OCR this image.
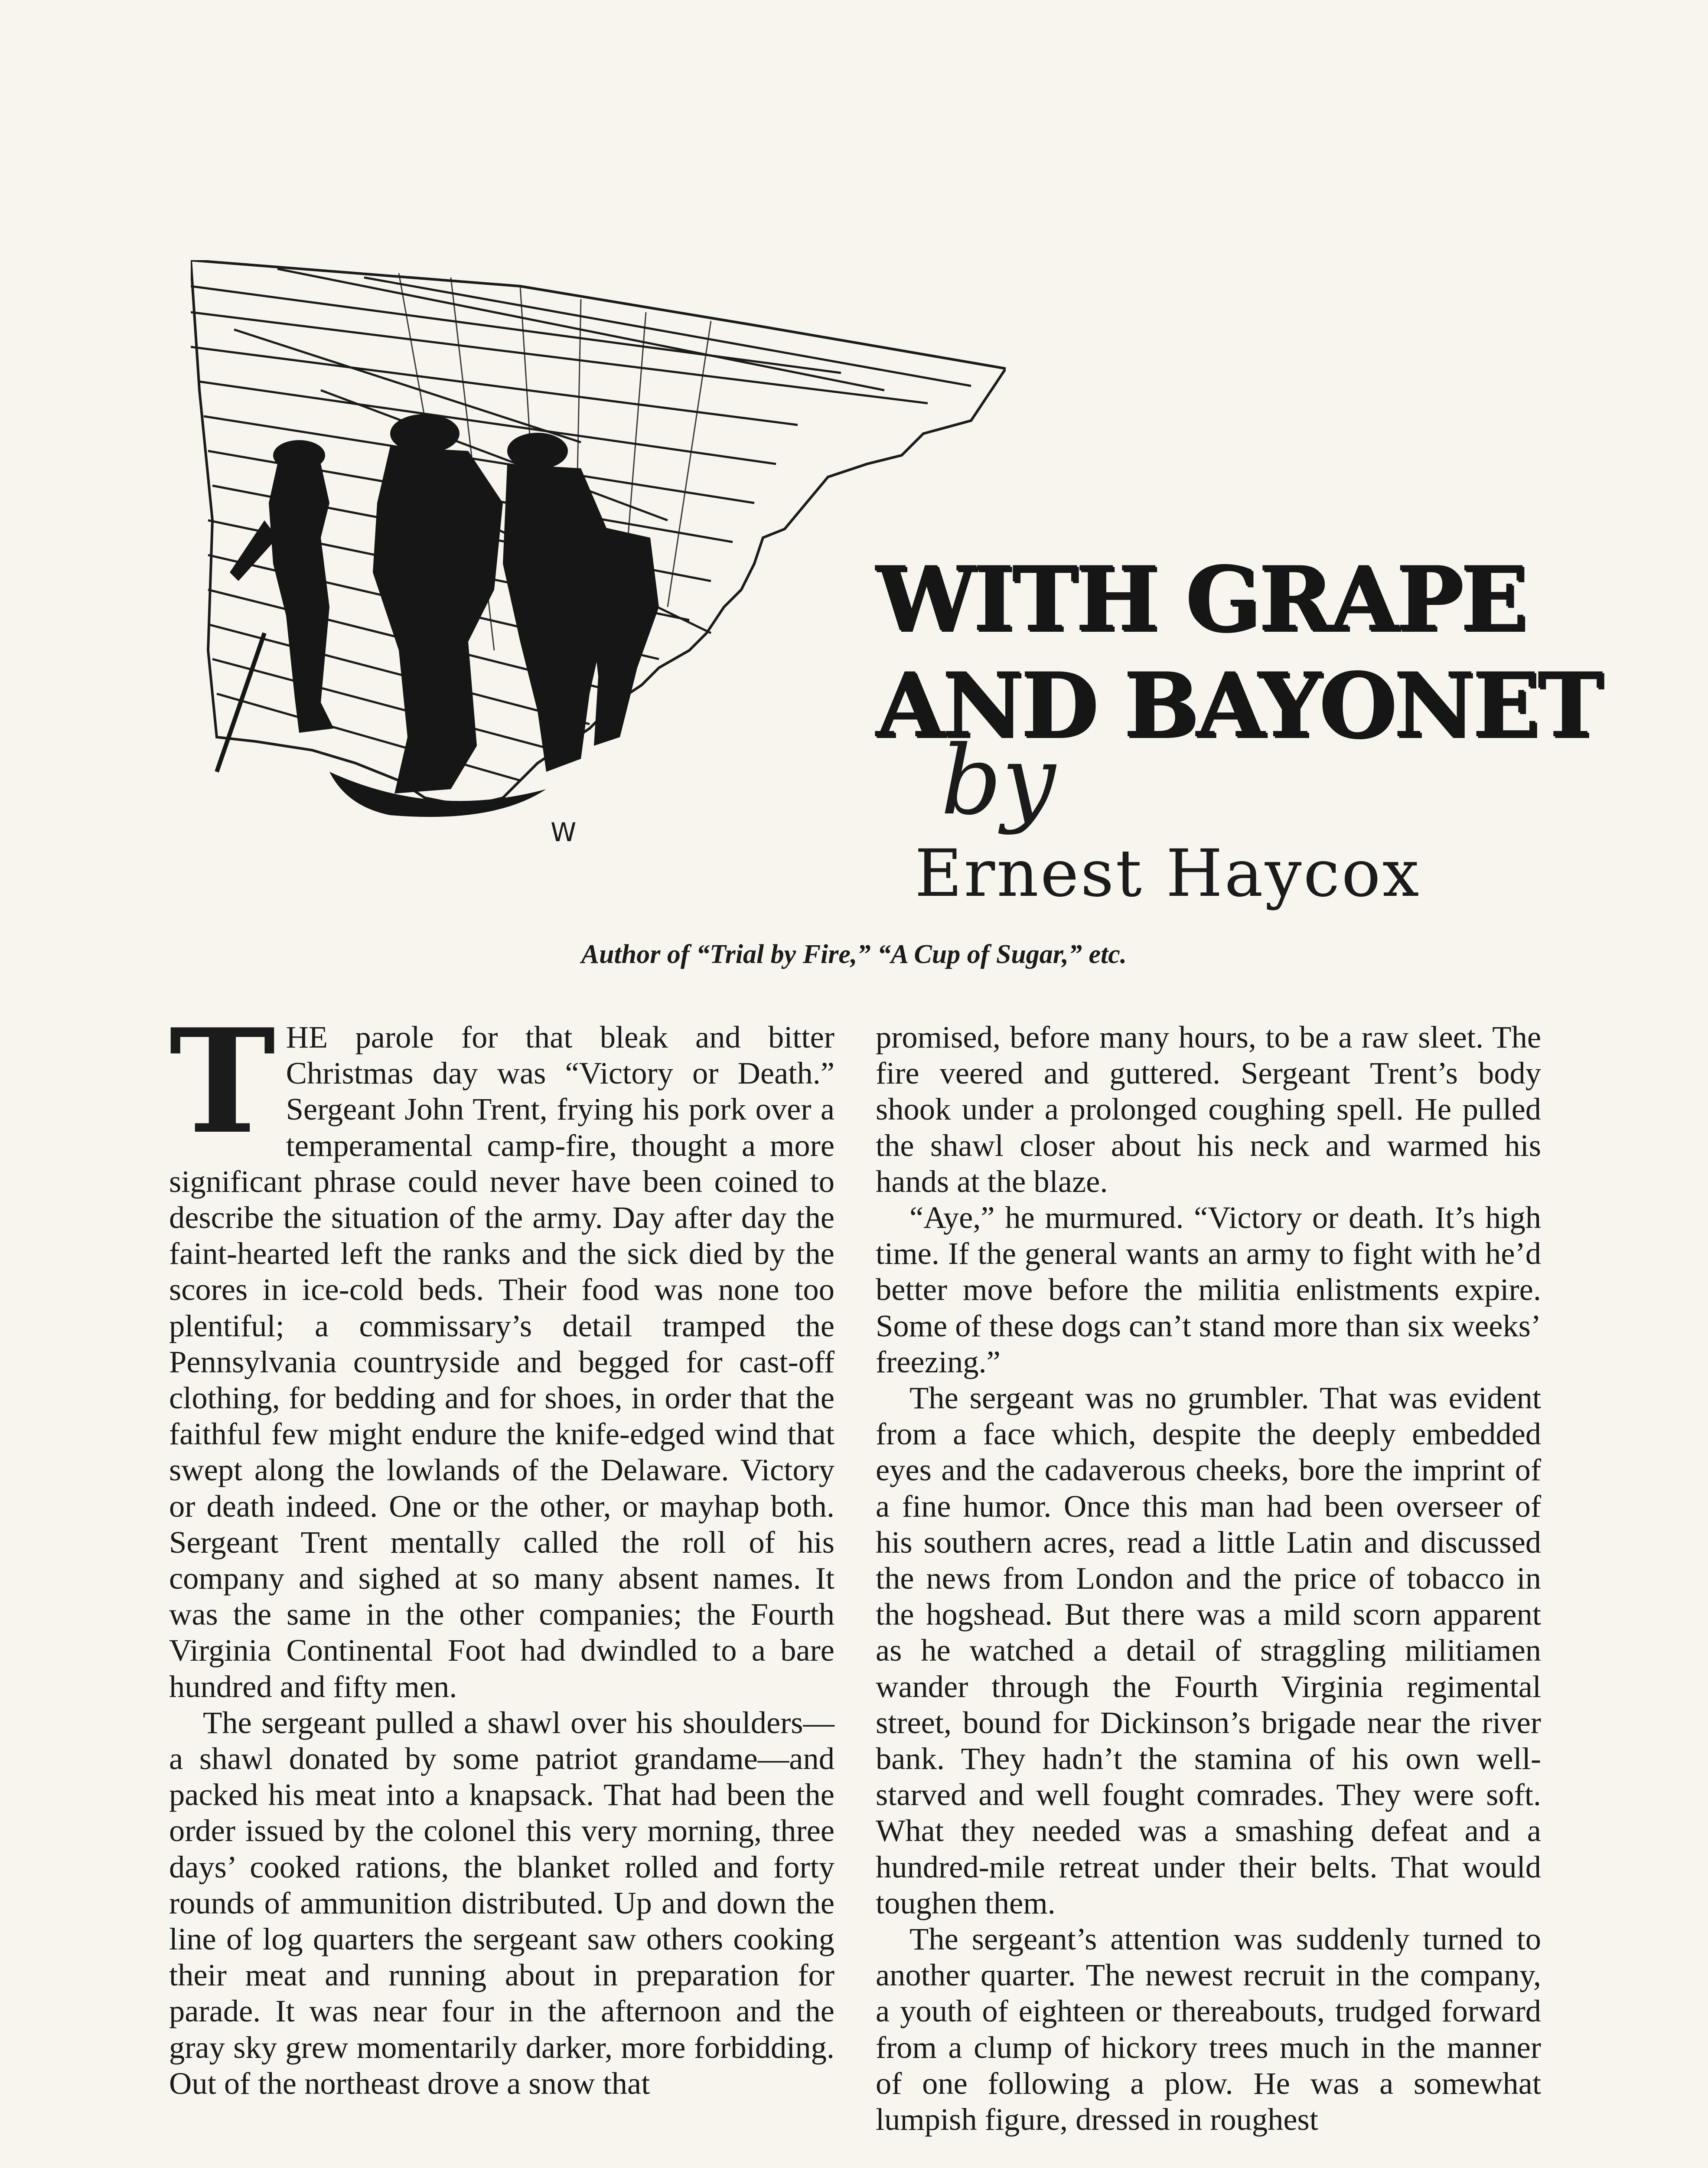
W
WITH GRAPE
AND BAYONET
by
Ernest Haycox
Author of “Trial by Fire,” “A Cup of Sugar,” etc.

THE parole for that bleak and bitter Christmas day was “Victory or Death.” Sergeant John Trent, frying his pork over a temperamental camp-fire, thought a more significant phrase could never have been coined to describe the situation of the army. Day after day the faint-hearted left the ranks and the sick died by the scores in ice-cold beds. Their food was none too plentiful; a commissary’s detail tramped the Pennsylvania countryside and begged for cast-off clothing, for bedding and for shoes, in order that the faithful few might endure the knife-edged wind that swept along the lowlands of the Delaware. Victory or death indeed. One or the other, or mayhap both. Sergeant Trent mentally called the roll of his company and sighed at so many absent names. It was the same in the other companies; the Fourth Virginia Continental Foot had dwindled to a bare hundred and fifty men.

The sergeant pulled a shawl over his shoulders—a shawl donated by some patriot grandame—and packed his meat into a knapsack. That had been the order issued by the colonel this very morning, three days’ cooked rations, the blanket rolled and forty rounds of ammunition distributed. Up and down the line of log quarters the sergeant saw others cooking their meat and running about in preparation for parade. It was near four in the afternoon and the gray sky grew momentarily darker, more forbidding. Out of the northeast drove a snow that

promised, before many hours, to be a raw sleet. The fire veered and guttered. Sergeant Trent’s body shook under a prolonged coughing spell. He pulled the shawl closer about his neck and warmed his hands at the blaze.

“Aye,” he murmured. “Victory or death. It’s high time. If the general wants an army to fight with he’d better move before the militia enlistments expire. Some of these dogs can’t stand more than six weeks’ freezing.”

The sergeant was no grumbler. That was evident from a face which, despite the deeply embedded eyes and the cadaverous cheeks, bore the imprint of a fine humor. Once this man had been overseer of his southern acres, read a little Latin and discussed the news from London and the price of tobacco in the hogshead. But there was a mild scorn apparent as he watched a detail of straggling militiamen wander through the Fourth Virginia regimental street, bound for Dickinson’s brigade near the river bank. They hadn’t the stamina of his own well-starved and well fought comrades. They were soft. What they needed was a smashing defeat and a hundred-mile retreat under their belts. That would toughen them.

The sergeant’s attention was suddenly turned to another quarter. The newest recruit in the company, a youth of eighteen or thereabouts, trudged forward from a clump of hickory trees much in the manner of one following a plow. He was a somewhat lumpish figure, dressed in roughest
